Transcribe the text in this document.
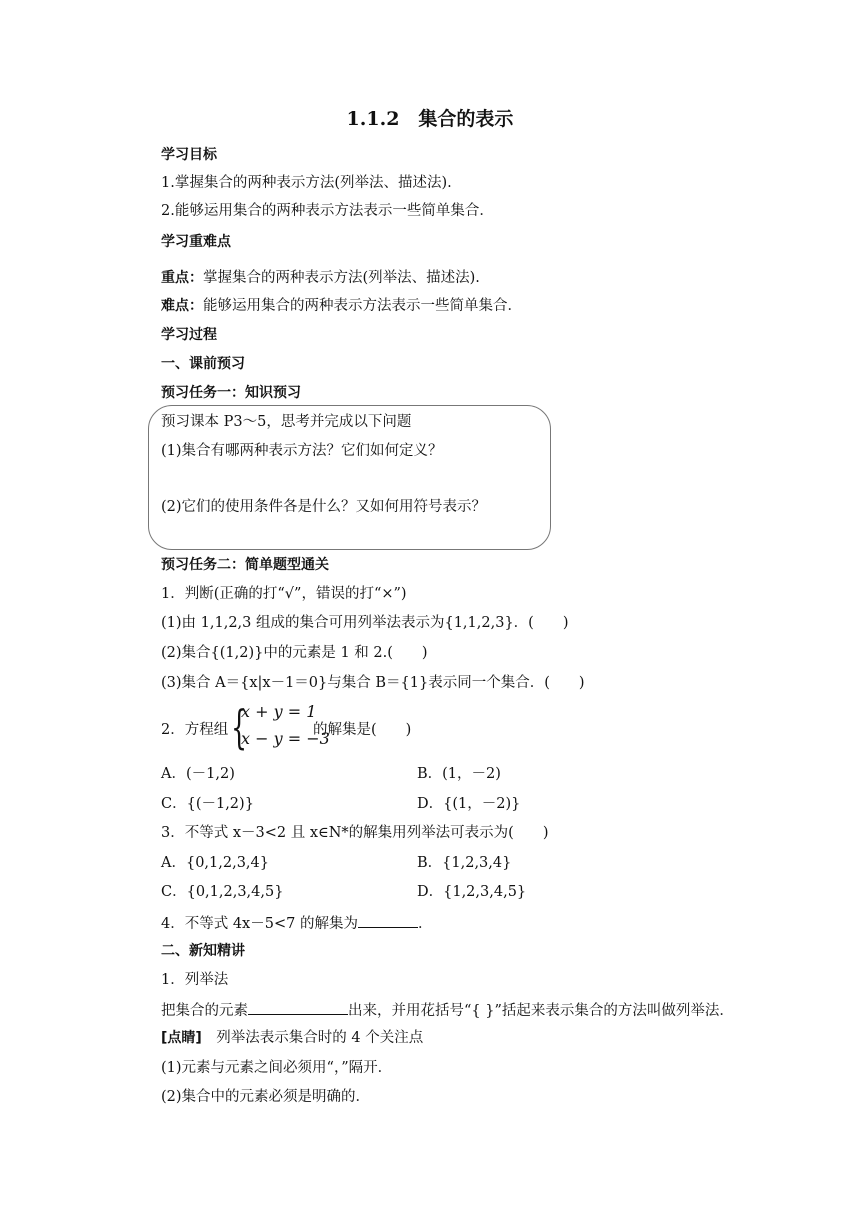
1.1.2　集合的表示
学习目标
1.掌握集合的两种表示方法(列举法、描述法).
2.能够运用集合的两种表示方法表示一些简单集合．
学习重难点
重点：掌握集合的两种表示方法(列举法、描述法).
难点：能够运用集合的两种表示方法表示一些简单集合．
学习过程
一、课前预习
预习任务一：知识预习
预习课本 P3～5，思考并完成以下问题
(1)集合有哪两种表示方法？它们如何定义？
(2)它们的使用条件各是什么？又如何用符号表示？
预习任务二：简单题型通关
1．判断(正确的打“√”，错误的打“×”)
(1)由 1,1,2,3 组成的集合可用列举法表示为{1,1,2,3}．(　　)
(2)集合{(1,2)}中的元素是 1 和 2.(　　)
(3)集合 A＝{x|x－1＝0}与集合 B＝{1}表示同一个集合．(　　)
2．方程组 {
x + y = 1
x − y = −3
的解集是(　　)
A．(－1,2)	B．(1，－2)
C．{(－1,2)}	D．{(1，－2)}
3．不等式 x－3<2 且 x∈N*的解集用列举法可表示为(　　)
A．{0,1,2,3,4}	B．{1,2,3,4}
C．{0,1,2,3,4,5}	D．{1,2,3,4,5}
4．不等式 4x－5<7 的解集为	．
二、新知精讲
1．列举法
把集合的元素	出来，并用花括号“{ }”括起来表示集合的方法叫做列举法．
[点睛]　列举法表示集合时的 4 个关注点
(1)元素与元素之间必须用“，”隔开．
(2)集合中的元素必须是明确的．
